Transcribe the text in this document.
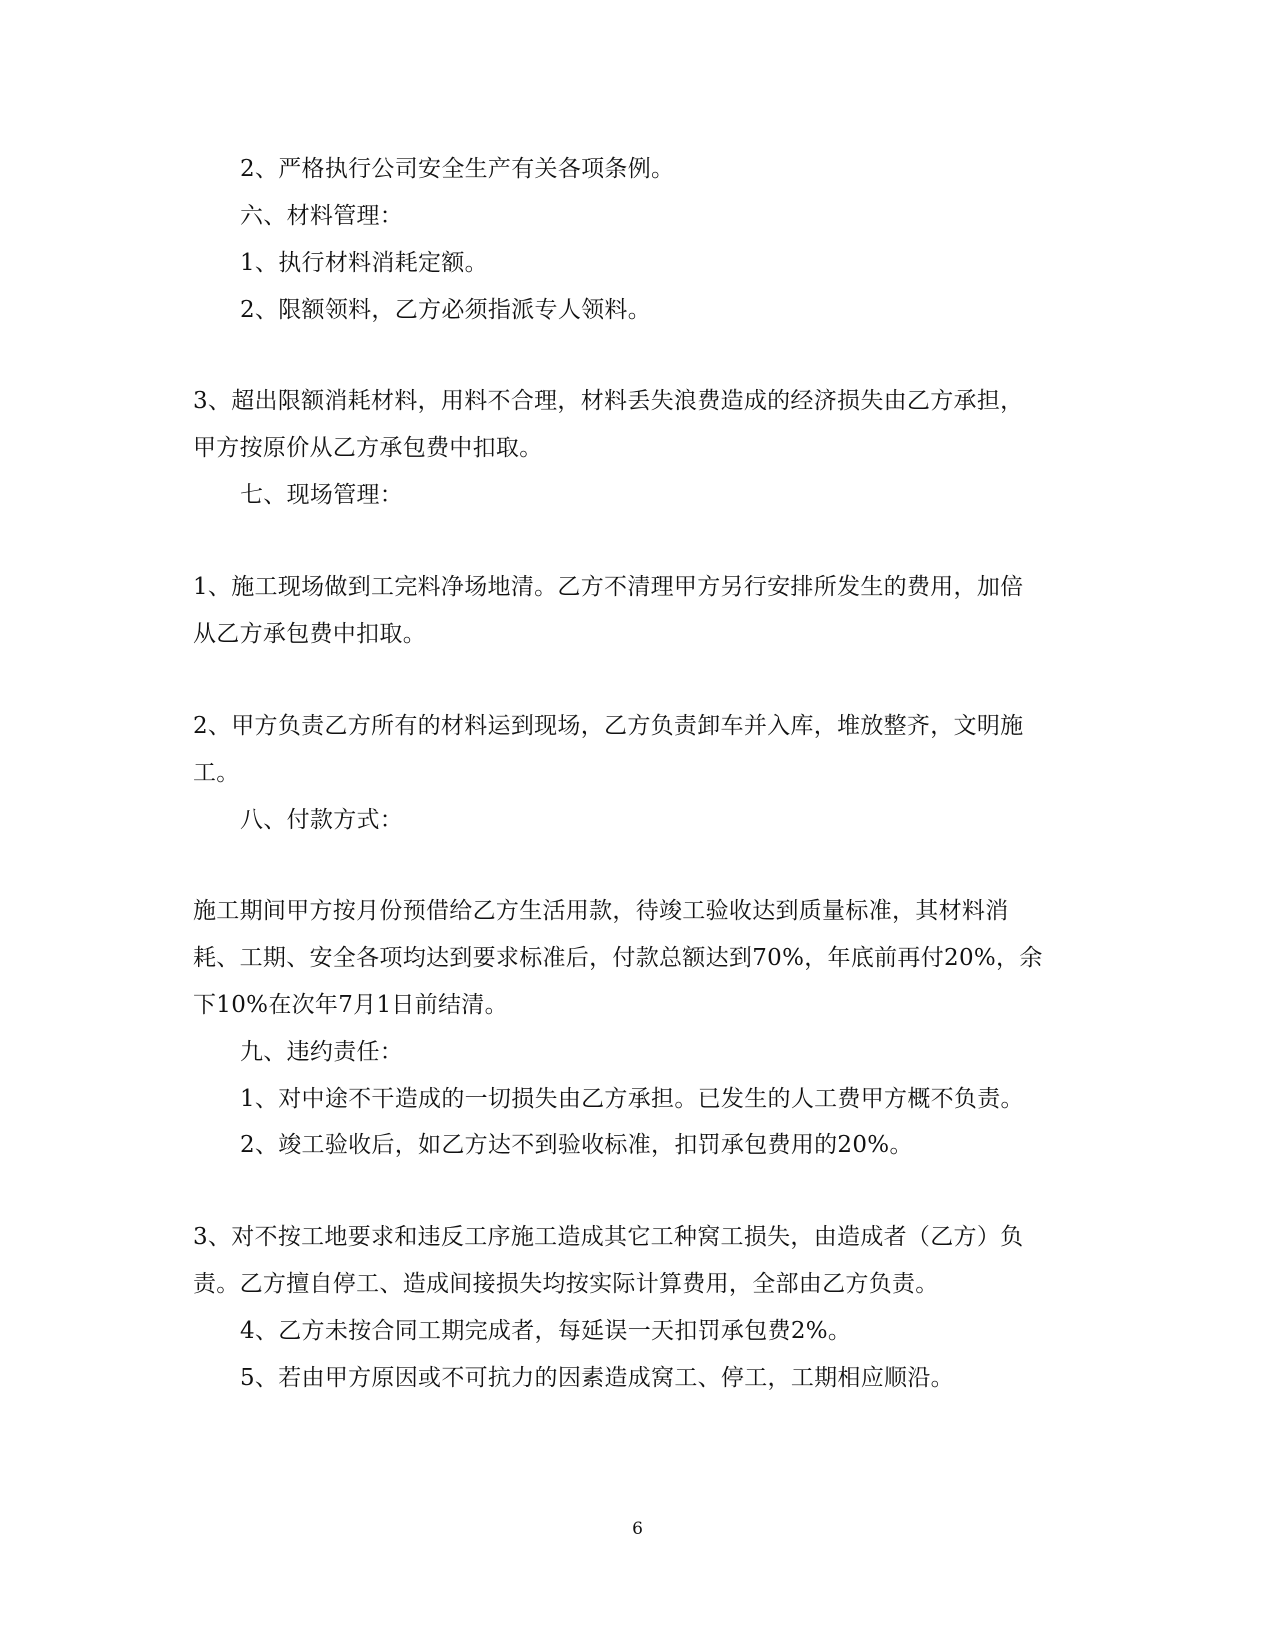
2、严格执行公司安全生产有关各项条例。
六、材料管理：
1、执行材料消耗定额。
2、限额领料，乙方必须指派专人领料。
3、超出限额消耗材料，用料不合理，材料丢失浪费造成的经济损失由乙方承担，
甲方按原价从乙方承包费中扣取。
七、现场管理：
1、施工现场做到工完料净场地清。乙方不清理甲方另行安排所发生的费用，加倍
从乙方承包费中扣取。
2、甲方负责乙方所有的材料运到现场，乙方负责卸车并入库，堆放整齐，文明施
工。
八、付款方式：
施工期间甲方按月份预借给乙方生活用款，待竣工验收达到质量标准，其材料消
耗、工期、安全各项均达到要求标准后，付款总额达到70%，年底前再付20%，余
下10%在次年7月1日前结清。
九、违约责任：
1、对中途不干造成的一切损失由乙方承担。已发生的人工费甲方概不负责。
2、竣工验收后，如乙方达不到验收标准，扣罚承包费用的20%。
3、对不按工地要求和违反工序施工造成其它工种窝工损失，由造成者（乙方）负
责。乙方擅自停工、造成间接损失均按实际计算费用，全部由乙方负责。
4、乙方未按合同工期完成者，每延误一天扣罚承包费2%。
5、若由甲方原因或不可抗力的因素造成窝工、停工，工期相应顺沿。
6
